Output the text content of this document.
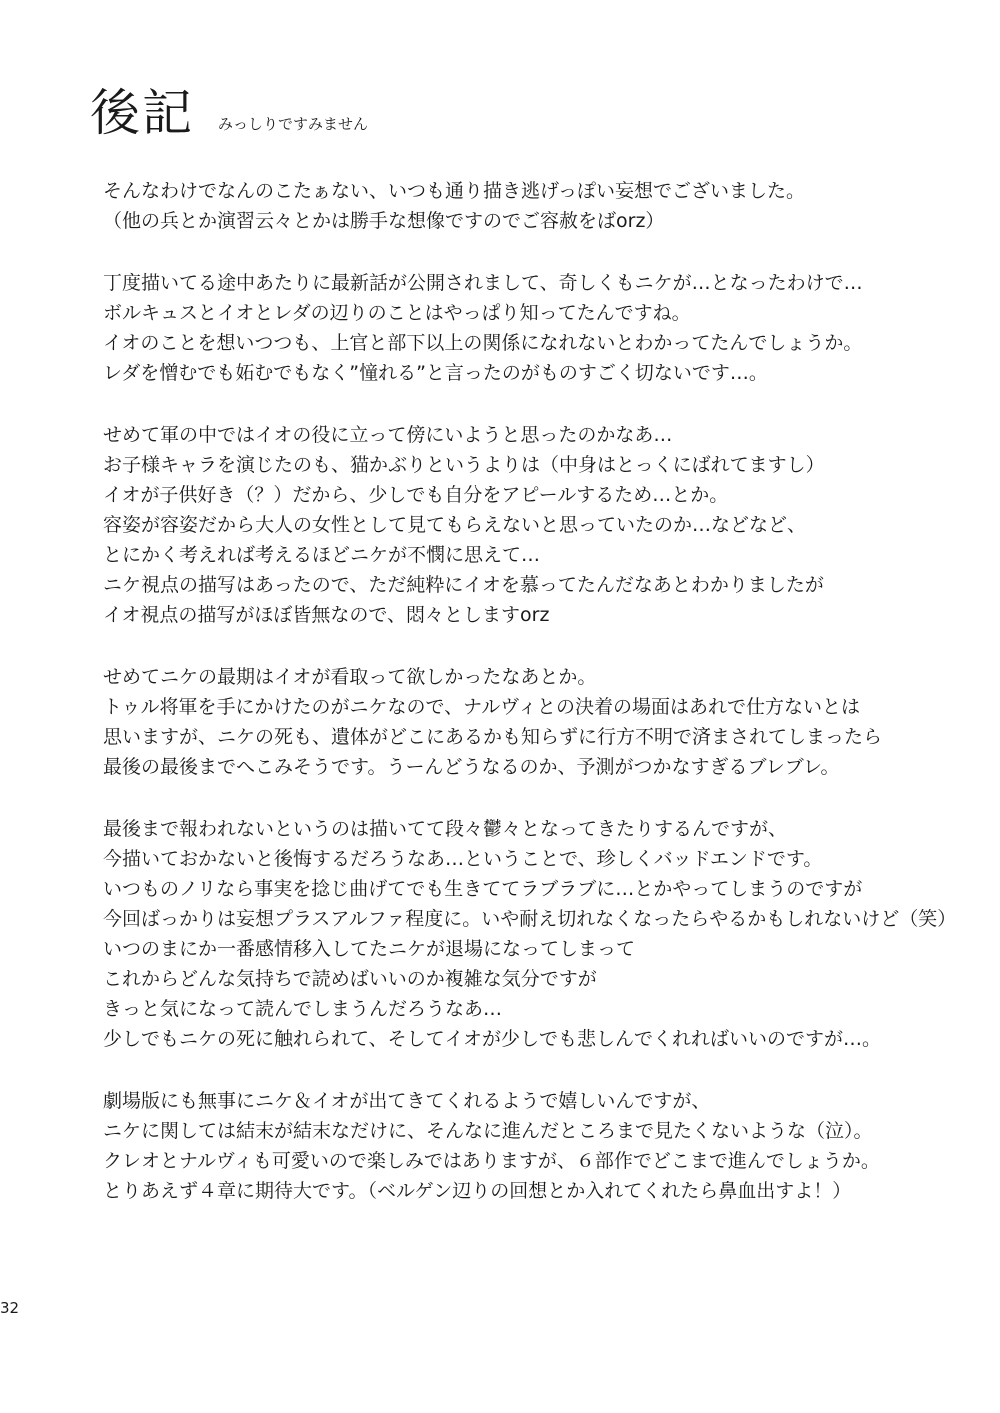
後記 みっしりですみません
そんなわけでなんのこたぁない、いつも通り描き逃げっぽい妄想でございました。
（他の兵とか演習云々とかは勝手な想像ですのでご容赦をばorz）
丁度描いてる途中あたりに最新話が公開されまして、奇しくもニケが…となったわけで…
ボルキュスとイオとレダの辺りのことはやっぱり知ってたんですね。
イオのことを想いつつも、上官と部下以上の関係になれないとわかってたんでしょうか。
レダを憎むでも妬むでもなく”憧れる”と言ったのがものすごく切ないです…。
せめて軍の中ではイオの役に立って傍にいようと思ったのかなあ…
お子様キャラを演じたのも、猫かぶりというよりは（中身はとっくにばれてますし）
イオが子供好き（？）だから、少しでも自分をアピールするため…とか。
容姿が容姿だから大人の女性として見てもらえないと思っていたのか…などなど、
とにかく考えれば考えるほどニケが不憫に思えて…
ニケ視点の描写はあったので、ただ純粋にイオを慕ってたんだなあとわかりましたが
イオ視点の描写がほぼ皆無なので、悶々としますorz
せめてニケの最期はイオが看取って欲しかったなあとか。
トゥル将軍を手にかけたのがニケなので、ナルヴィとの決着の場面はあれで仕方ないとは
思いますが、ニケの死も、遺体がどこにあるかも知らずに行方不明で済まされてしまったら
最後の最後までへこみそうです。うーんどうなるのか、予測がつかなすぎるブレブレ。
最後まで報われないというのは描いてて段々鬱々となってきたりするんですが、
今描いておかないと後悔するだろうなあ…ということで、珍しくバッドエンドです。
いつものノリなら事実を捻じ曲げてでも生きててラブラブに…とかやってしまうのですが
今回ばっかりは妄想プラスアルファ程度に。いや耐え切れなくなったらやるかもしれないけど（笑）
いつのまにか一番感情移入してたニケが退場になってしまって
これからどんな気持ちで読めばいいのか複雑な気分ですが
きっと気になって読んでしまうんだろうなあ…
少しでもニケの死に触れられて、そしてイオが少しでも悲しんでくれればいいのですが…。
劇場版にも無事にニケ＆イオが出てきてくれるようで嬉しいんですが、
ニケに関しては結末が結末なだけに、そんなに進んだところまで見たくないような（泣）。
クレオとナルヴィも可愛いので楽しみではありますが、６部作でどこまで進んでしょうか。
とりあえず４章に期待大です。（ベルゲン辺りの回想とか入れてくれたら鼻血出すよ！）
32
